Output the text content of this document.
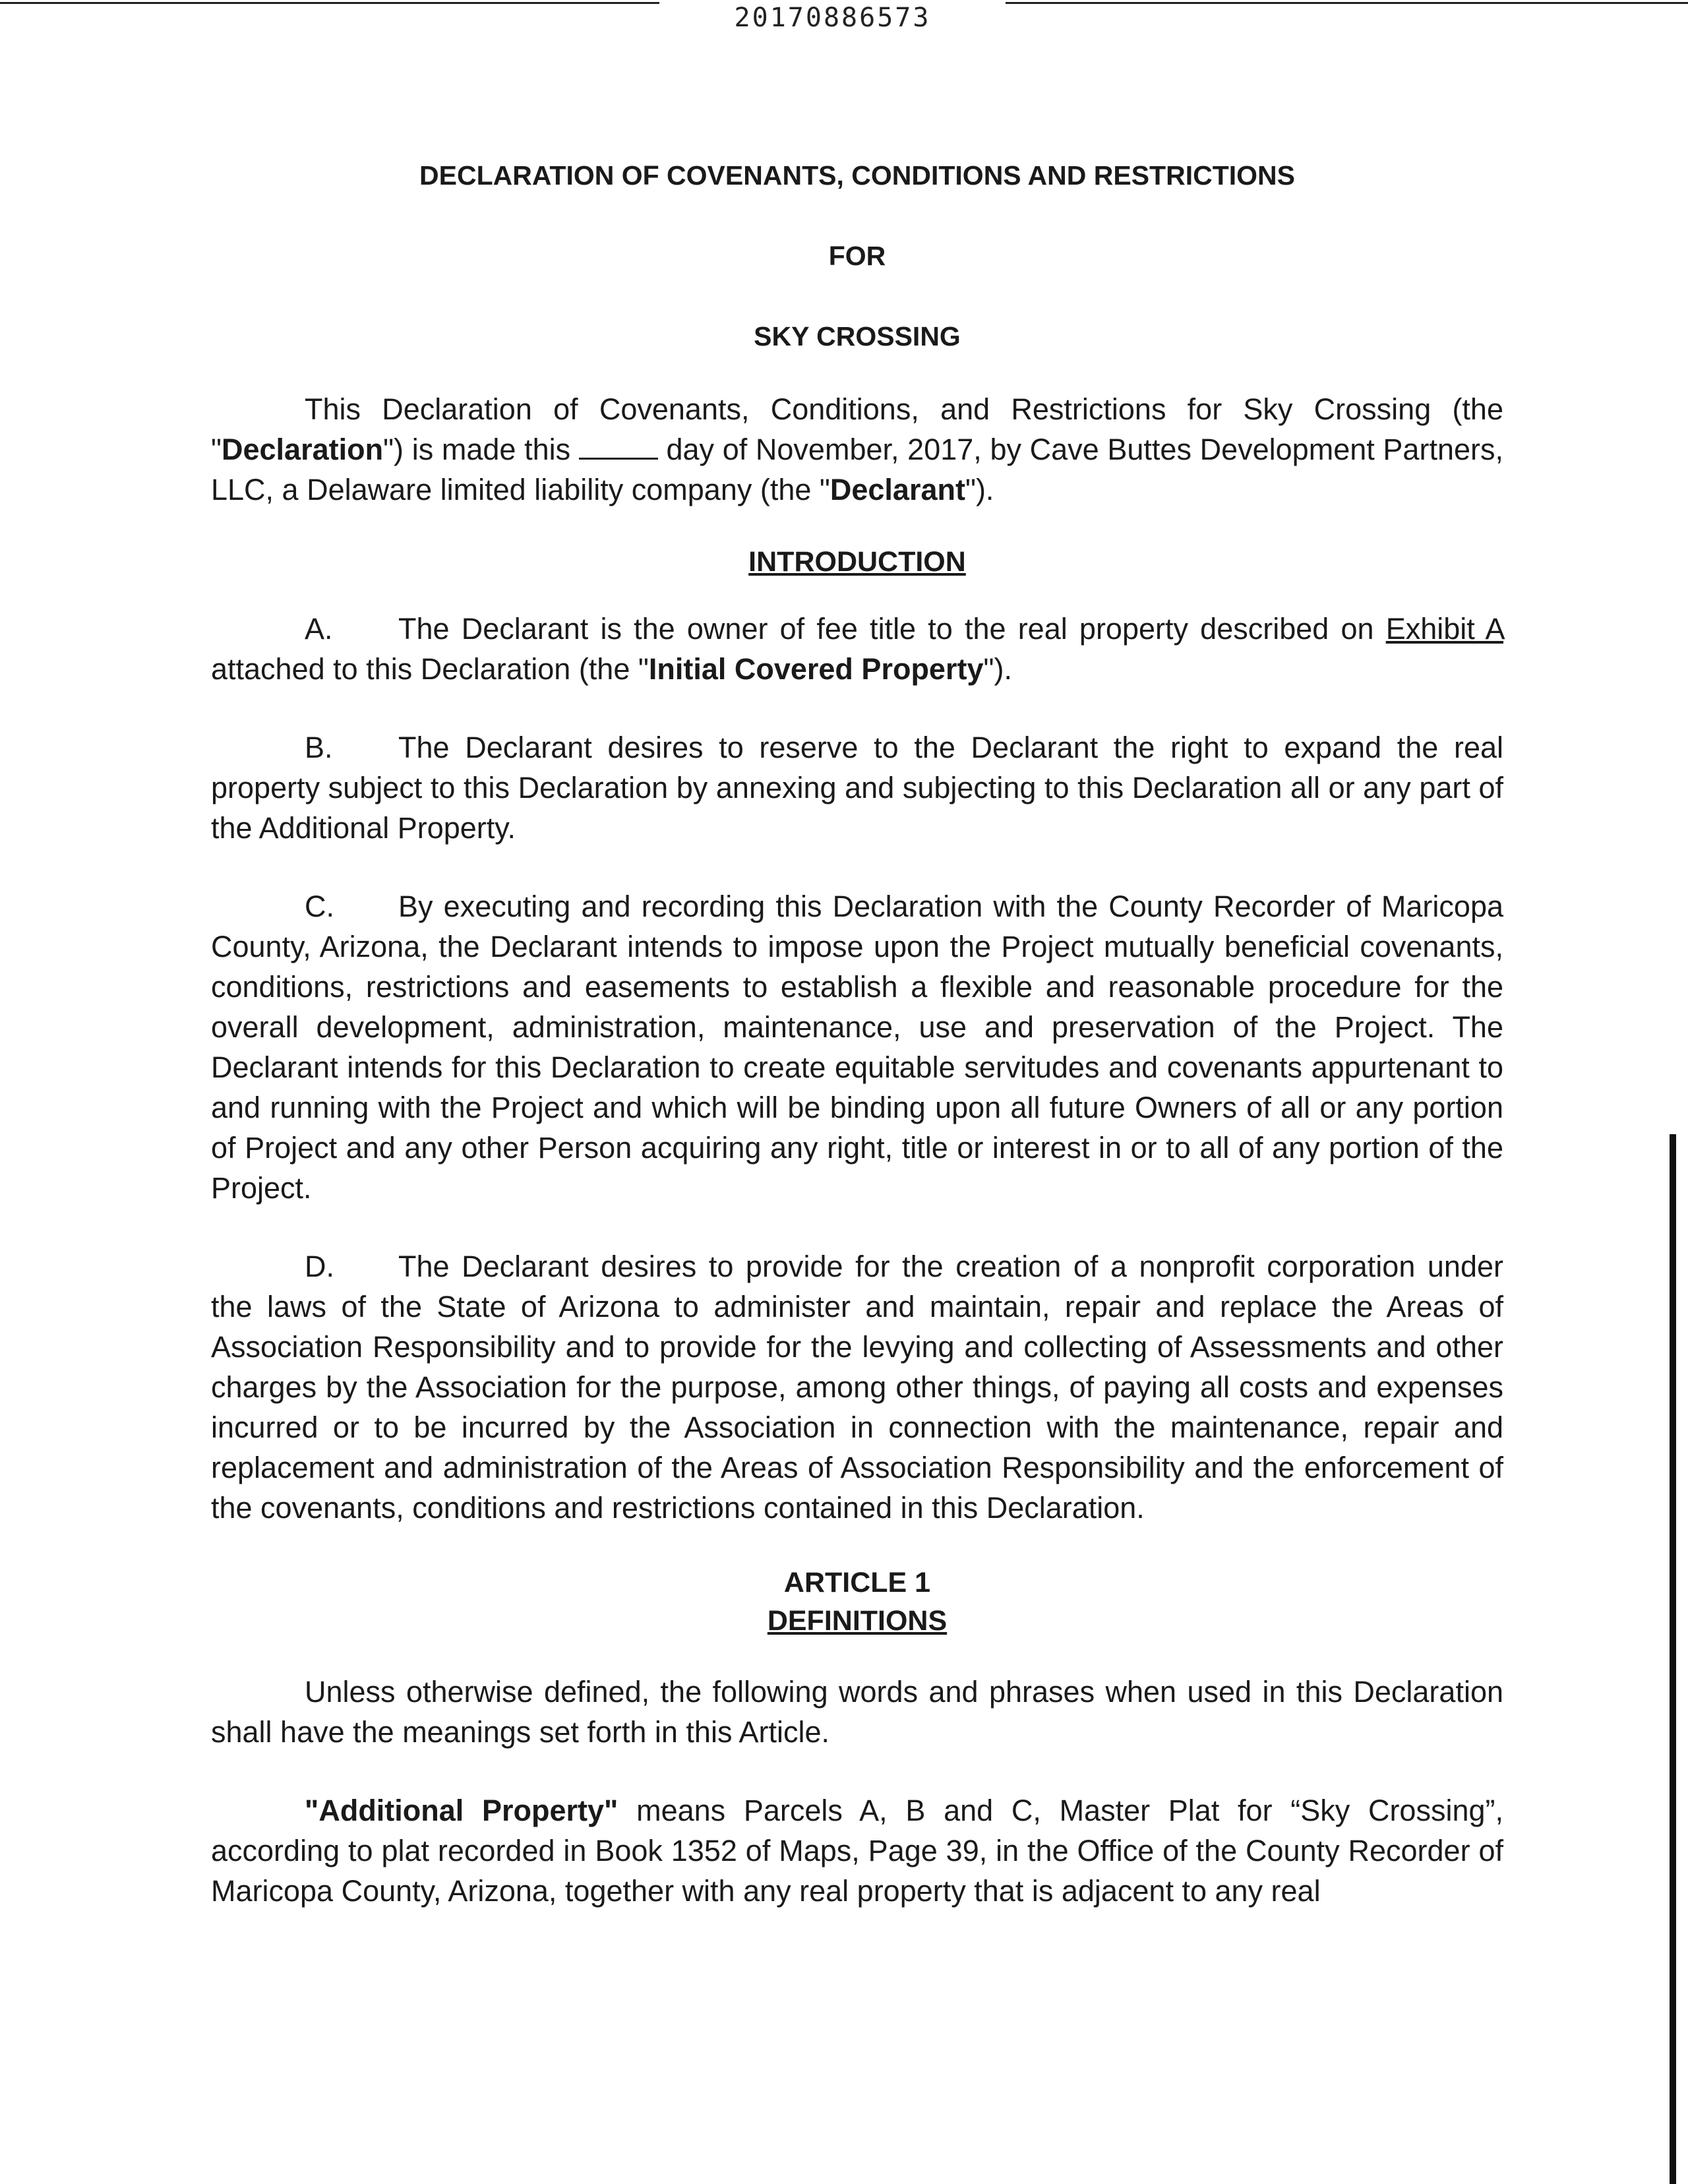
20170886573
DECLARATION OF COVENANTS, CONDITIONS AND RESTRICTIONS
FOR
SKY CROSSING

This Declaration of Covenants, Conditions, and Restrictions for Sky Crossing (the "Declaration") is made this	day of November, 2017, by Cave Buttes Development Partners, LLC, a Delaware limited liability company (the "Declarant").

INTRODUCTION

A. The Declarant is the owner of fee title to the real property described on Exhibit A attached to this Declaration (the "Initial Covered Property").

B. The Declarant desires to reserve to the Declarant the right to expand the real property subject to this Declaration by annexing and subjecting to this Declaration all or any part of the Additional Property.

C. By executing and recording this Declaration with the County Recorder of Maricopa County, Arizona, the Declarant intends to impose upon the Project mutually beneficial covenants, conditions, restrictions and easements to establish a flexible and reasonable procedure for the overall development, administration, maintenance, use and preservation of the Project. The Declarant intends for this Declaration to create equitable servitudes and covenants appurtenant to and running with the Project and which will be binding upon all future Owners of all or any portion of Project and any other Person acquiring any right, title or interest in or to all of any portion of the Project.

D. The Declarant desires to provide for the creation of a nonprofit corporation under the laws of the State of Arizona to administer and maintain, repair and replace the Areas of Association Responsibility and to provide for the levying and collecting of Assessments and other charges by the Association for the purpose, among other things, of paying all costs and expenses incurred or to be incurred by the Association in connection with the maintenance, repair and replacement and administration of the Areas of Association Responsibility and the enforcement of the covenants, conditions and restrictions contained in this Declaration.

ARTICLE 1
DEFINITIONS

Unless otherwise defined, the following words and phrases when used in this Declaration shall have the meanings set forth in this Article.

"Additional Property" means Parcels A, B and C, Master Plat for “Sky Crossing”, according to plat recorded in Book 1352 of Maps, Page 39, in the Office of the County Recorder of Maricopa County, Arizona, together with any real property that is adjacent to any real
